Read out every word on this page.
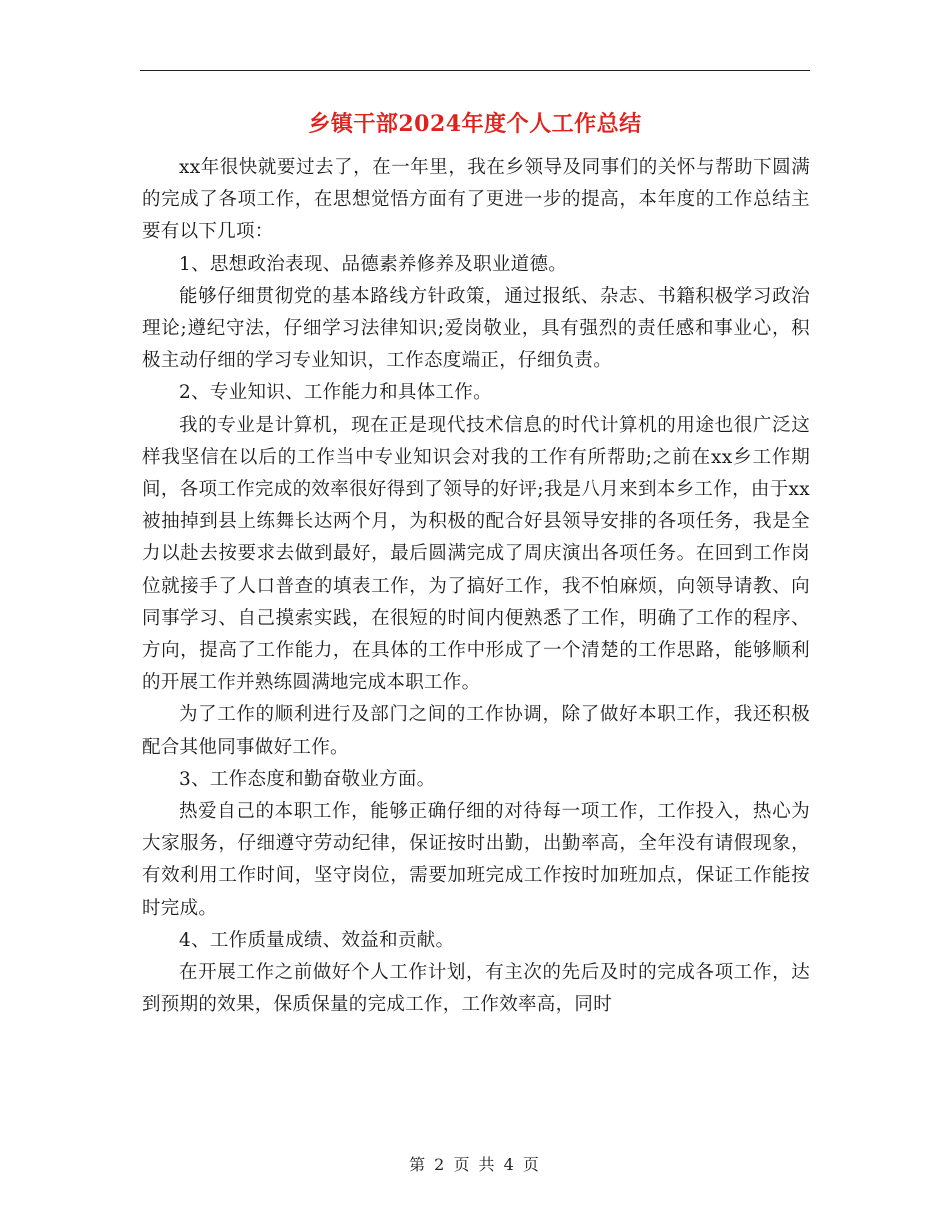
乡镇干部2024年度个人工作总结

xx年很快就要过去了，在一年里，我在乡领导及同事们的关怀与帮助下圆满的完成了各项工作，在思想觉悟方面有了更进一步的提高，本年度的工作总结主要有以下几项：

1、思想政治表现、品德素养修养及职业道德。

能够仔细贯彻党的基本路线方针政策，通过报纸、杂志、书籍积极学习政治理论;遵纪守法，仔细学习法律知识;爱岗敬业，具有强烈的责任感和事业心，积极主动仔细的学习专业知识，工作态度端正，仔细负责。

2、专业知识、工作能力和具体工作。

我的专业是计算机，现在正是现代技术信息的时代计算机的用途也很广泛这样我坚信在以后的工作当中专业知识会对我的工作有所帮助;之前在xx乡工作期间，各项工作完成的效率很好得到了领导的好评;我是八月来到本乡工作，由于xx被抽掉到县上练舞长达两个月，为积极的配合好县领导安排的各项任务，我是全力以赴去按要求去做到最好，最后圆满完成了周庆演出各项任务。在回到工作岗位就接手了人口普查的填表工作，为了搞好工作，我不怕麻烦，向领导请教、向同事学习、自己摸索实践，在很短的时间内便熟悉了工作，明确了工作的程序、方向，提高了工作能力，在具体的工作中形成了一个清楚的工作思路，能够顺利的开展工作并熟练圆满地完成本职工作。

为了工作的顺利进行及部门之间的工作协调，除了做好本职工作，我还积极配合其他同事做好工作。

3、工作态度和勤奋敬业方面。

热爱自己的本职工作，能够正确仔细的对待每一项工作，工作投入，热心为大家服务，仔细遵守劳动纪律，保证按时出勤，出勤率高，全年没有请假现象，有效利用工作时间，坚守岗位，需要加班完成工作按时加班加点，保证工作能按时完成。

4、工作质量成绩、效益和贡献。

在开展工作之前做好个人工作计划，有主次的先后及时的完成各项工作，达到预期的效果，保质保量的完成工作，工作效率高，同时

第 2 页 共 4 页
